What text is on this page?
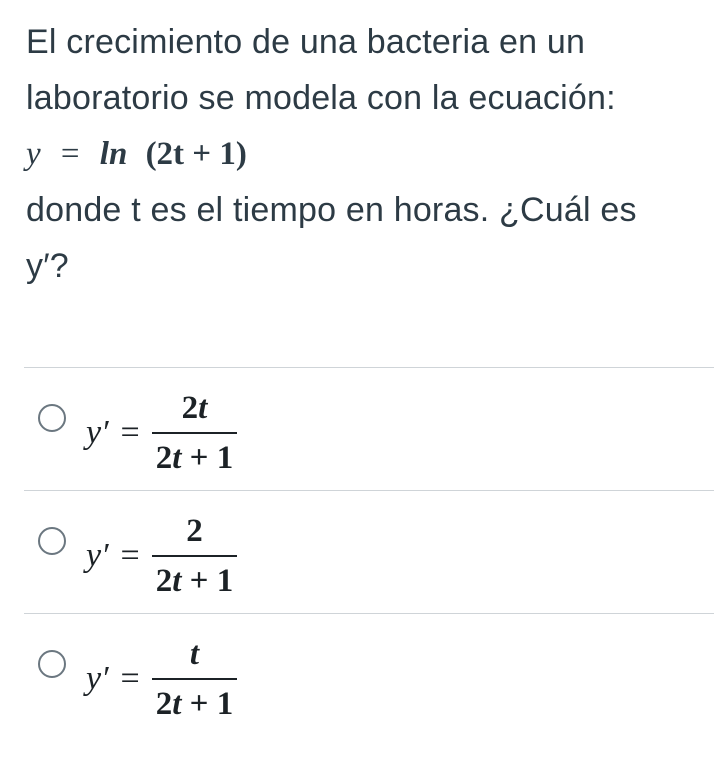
El crecimiento de una bacteria en un
laboratorio se modela con la ecuación:
y = ln (2t + 1)
donde t es el tiempo en horas. ¿Cuál es
y′?
$y' = \frac{2t}{2t + 1}$
$y' = \frac{2}{2t + 1}$
$y' = \frac{t}{2t + 1}$
